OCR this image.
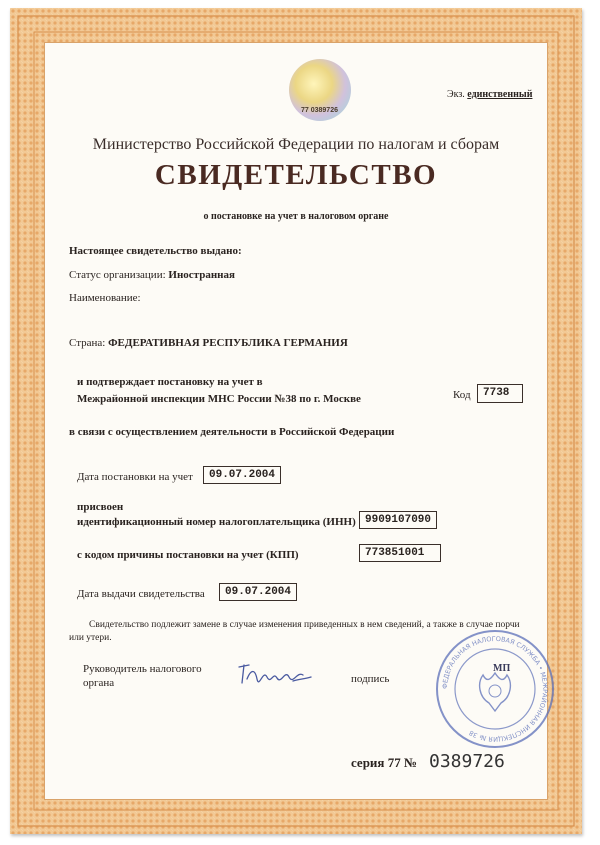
77 0389726
Экз. единственный
Министерство Российской Федерации по налогам и сборам
СВИДЕТЕЛЬСТВО
о постановке на учет в налоговом органе
Настоящее свидетельство выдано:
Статус организации: Иностранная
Наименование:
Страна: ФЕДЕРАТИВНАЯ РЕСПУБЛИКА ГЕРМАНИЯ
и подтверждает постановку на учет в
Межрайонной инспекции МНС России №38 по г. Москве	Код	7738
в связи с осуществлением деятельности в Российской Федерации
Дата постановки на учет	09.07.2004
присвоен
идентификационный номер налогоплательщика (ИНН) 9909107090
с кодом причины постановки на учет (КПП)	773851001
Дата выдачи свидетельства	09.07.2004
Свидетельство подлежит замене в случае изменения приведенных в нем сведений, а также в случае порчи
или утери.
Руководитель налогового
органа	подпись
ФЕДЕРАЛЬНАЯ НАЛОГОВАЯ СЛУЖБА • МЕЖРАЙОННАЯ ИНСПЕКЦИЯ № 38
МП
серия 77 № 0389726
